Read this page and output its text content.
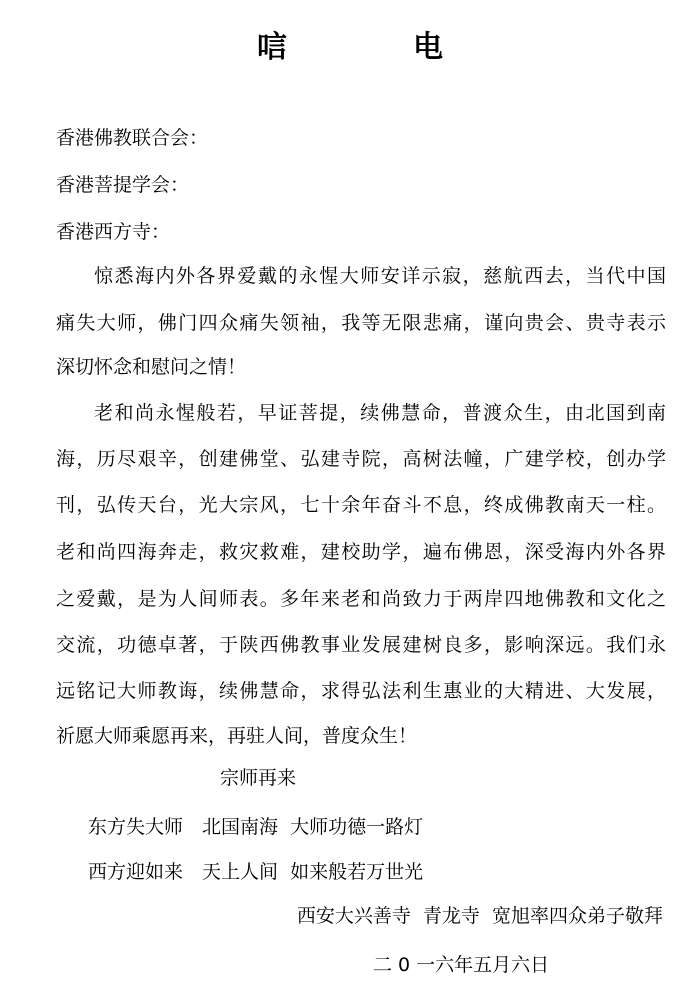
唁　电
香港佛教联合会：
香港菩提学会：
香港西方寺：
惊悉海内外各界爱戴的永惺大师安详示寂，慈航西去，当代中国
痛失大师，佛门四众痛失领袖，我等无限悲痛，谨向贵会、贵寺表示
深切怀念和慰问之情！
老和尚永惺般若，早证菩提，续佛慧命，普渡众生，由北国到南
海，历尽艰辛，创建佛堂、弘建寺院，高树法幢，广建学校，创办学
刊，弘传天台，光大宗风，七十余年奋斗不息，终成佛教南天一柱。
老和尚四海奔走，救灾救难，建校助学，遍布佛恩，深受海内外各界
之爱戴，是为人间师表。多年来老和尚致力于两岸四地佛教和文化之
交流，功德卓著，于陕西佛教事业发展建树良多，影响深远。我们永
远铭记大师教诲，续佛慧命，求得弘法利生惠业的大精进、大发展，
祈愿大师乘愿再来，再驻人间，普度众生！
宗师再来
东方失大师　北国南海  大师功德一路灯
西方迎如来　天上人间  如来般若万世光
西安大兴善寺  青龙寺  宽旭率四众弟子敬拜
二 0 一六年五月六日
